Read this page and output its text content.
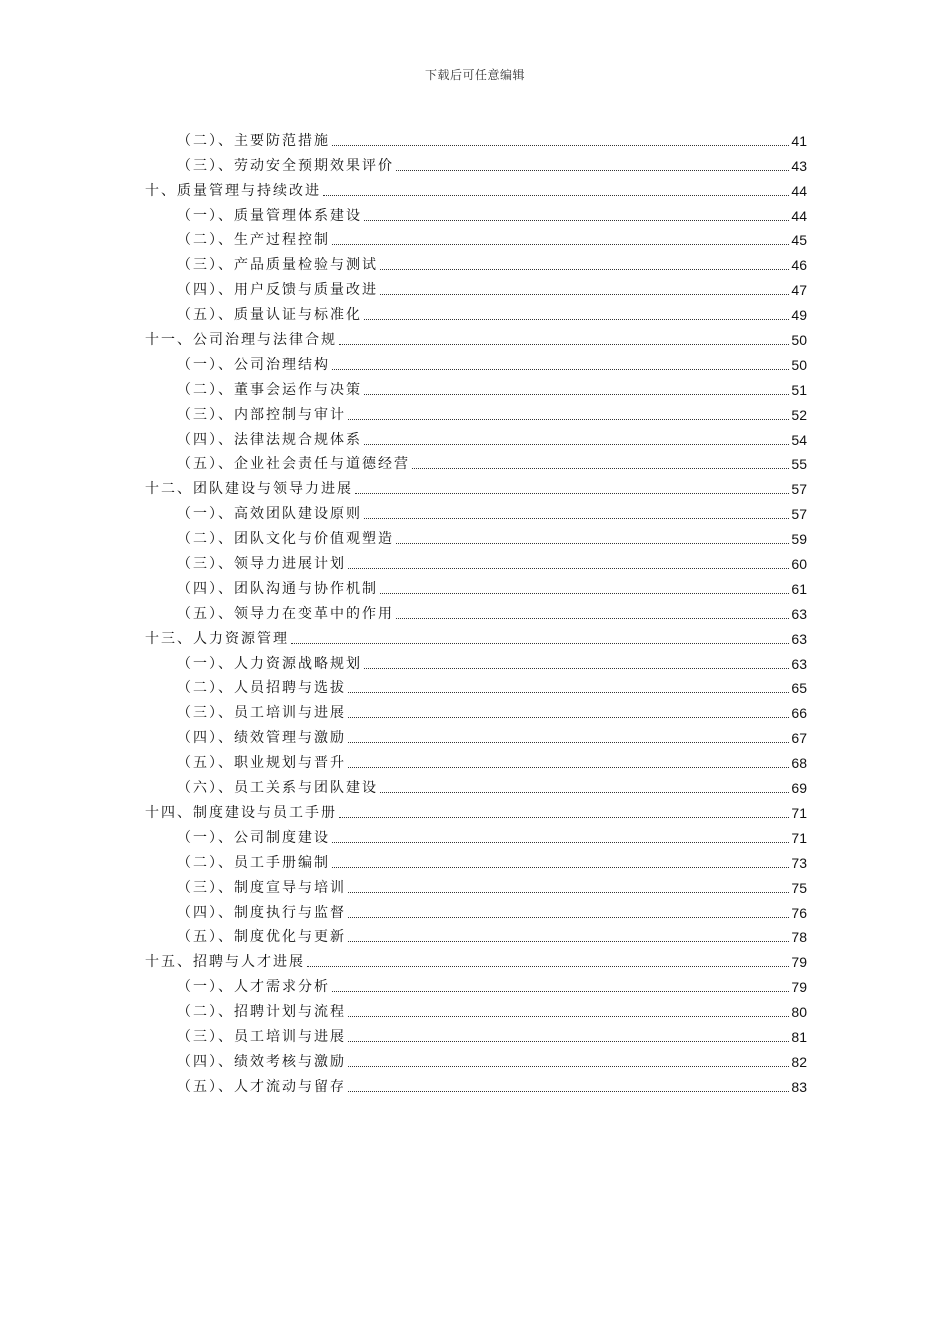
下载后可任意编辑
（二）、主要防范措施	41
（三）、劳动安全预期效果评价	43
十、质量管理与持续改进	44
（一）、质量管理体系建设	44
（二）、生产过程控制	45
（三）、产品质量检验与测试	46
（四）、用户反馈与质量改进	47
（五）、质量认证与标准化	49
十一、公司治理与法律合规	50
（一）、公司治理结构	50
（二）、董事会运作与决策	51
（三）、内部控制与审计	52
（四）、法律法规合规体系	54
（五）、企业社会责任与道德经营	55
十二、团队建设与领导力进展	57
（一）、高效团队建设原则	57
（二）、团队文化与价值观塑造	59
（三）、领导力进展计划	60
（四）、团队沟通与协作机制	61
（五）、领导力在变革中的作用	63
十三、人力资源管理	63
（一）、人力资源战略规划	63
（二）、人员招聘与选拔	65
（三）、员工培训与进展	66
（四）、绩效管理与激励	67
（五）、职业规划与晋升	68
（六）、员工关系与团队建设	69
十四、制度建设与员工手册	71
（一）、公司制度建设	71
（二）、员工手册编制	73
（三）、制度宣导与培训	75
（四）、制度执行与监督	76
（五）、制度优化与更新	78
十五、招聘与人才进展	79
（一）、人才需求分析	79
（二）、招聘计划与流程	80
（三）、员工培训与进展	81
（四）、绩效考核与激励	82
（五）、人才流动与留存	83
